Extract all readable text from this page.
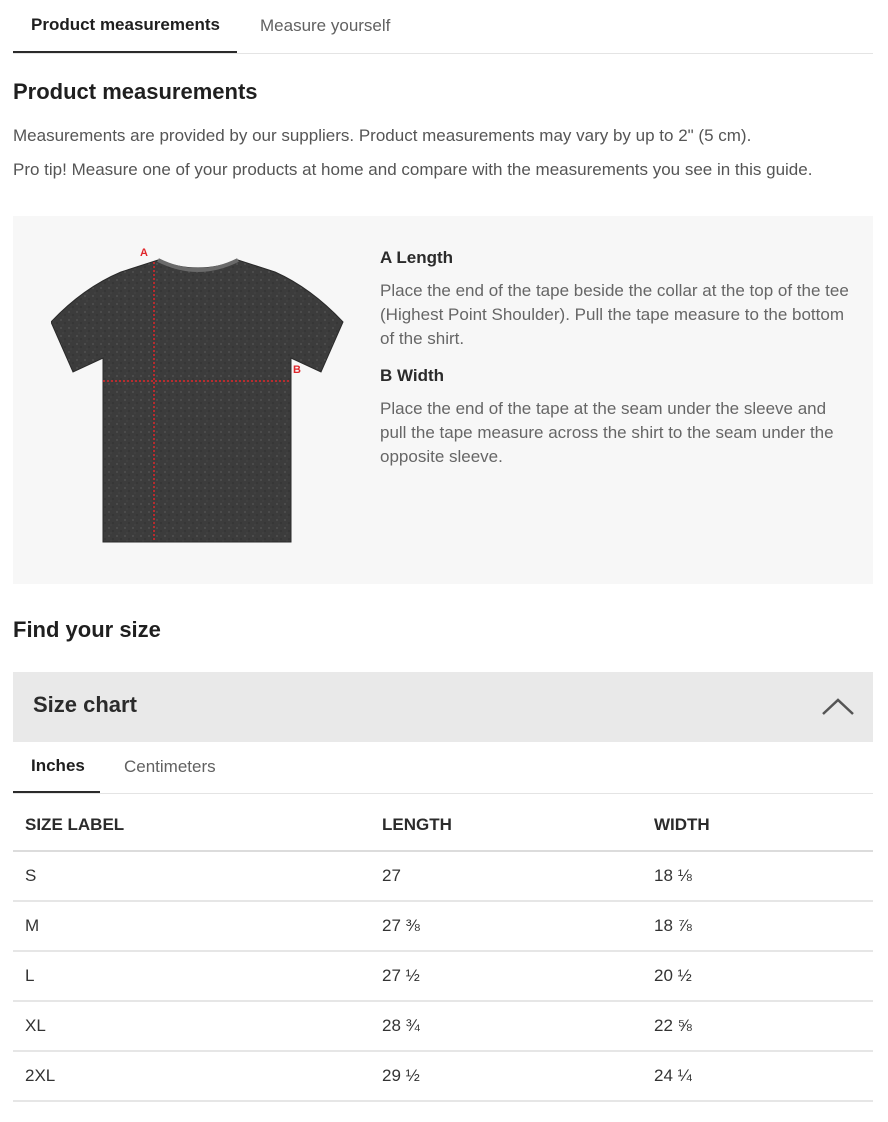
Product measurements Measure yourself
Product measurements

Measurements are provided by our suppliers. Product measurements may vary by up to 2" (5 cm).

Pro tip! Measure one of your products at home and compare with the measurements you see in this guide.

A
B
A Length
Place the end of the tape beside the collar at the top of the tee (Highest Point Shoulder). Pull the tape measure to the bottom of the shirt.
B Width
Place the end of the tape at the seam under the sleeve and pull the tape measure across the shirt to the seam under the opposite sleeve.
Find your size
Size chart
Inches Centimeters
SIZE LABEL	LENGTH	WIDTH
S	27	18 ⅛
M	27 ⅜	18 ⅞
L	27 ½	20 ½
XL	28 ¾	22 ⅝
2XL	29 ½	24 ¼
